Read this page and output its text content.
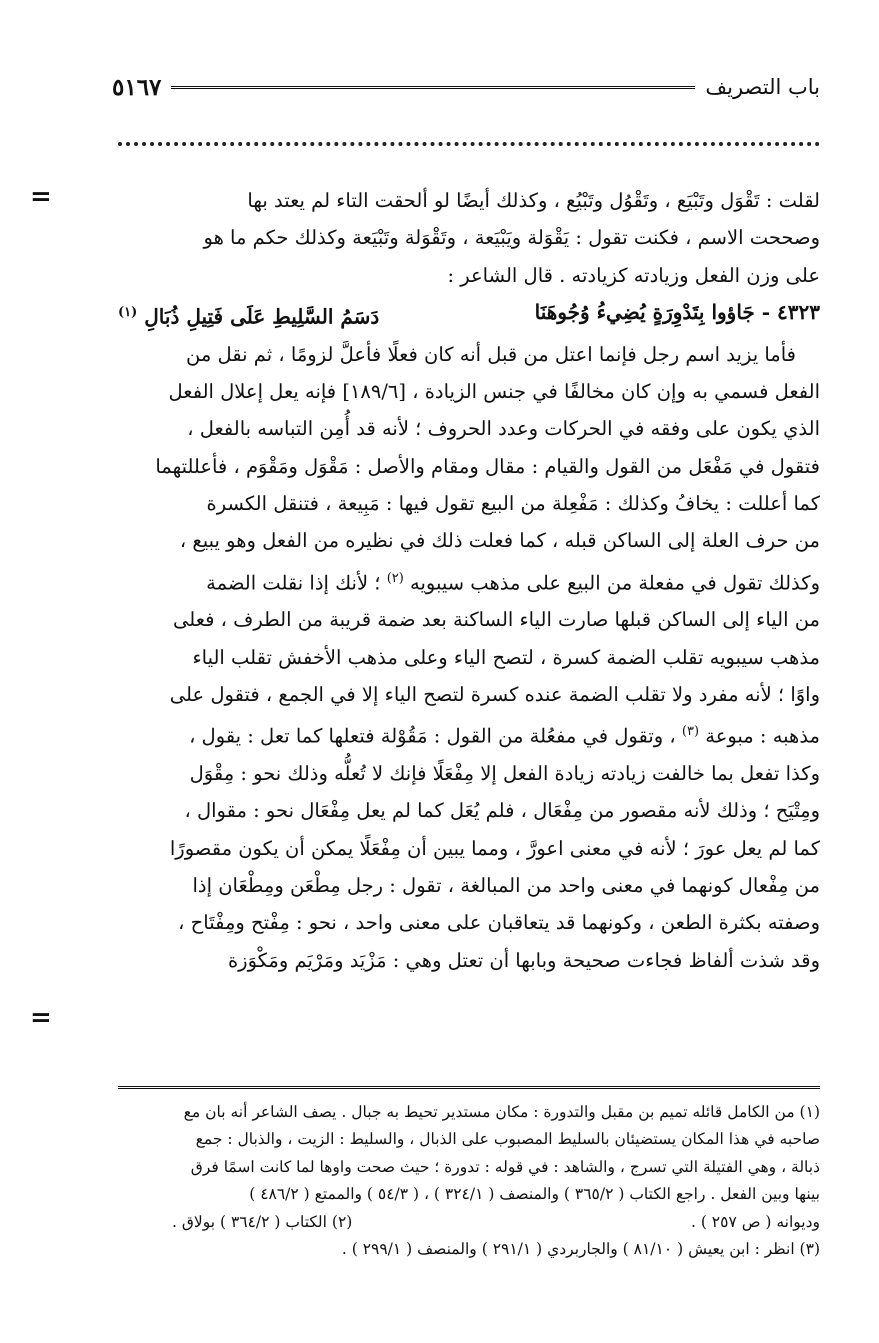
باب التصريف
٥١٦٧
=
=

لقلت : تَقْوَل وتَبْيَع ، وتَقْوُل وتَبْيُع ، وكذلك أيضًا لو ألحقت التاء لم يعتد بها

وصححت الاسم ، فكنت تقول : يَقْوَلة ويَبْيَعة ، وتَقْوَلة وتَبْيَعة وكذلك حكم ما هو

على وزن الفعل وزيادته كزيادته . قال الشاعر :

٤٣٢٣ - جَاؤوا بِتَدْوِرَةٍ يُضِيءُ وُجُوهَنَا
دَسَمُ السَّلِيطِ عَلَى فَتِيلِ ذُبَالِ $^{(١)}$

فأما يزيد اسم رجل فإنما اعتل من قبل أنه كان فعلًا فأعلَّ لزومًا ، ثم نقل من

الفعل فسمي به وإن كان مخالفًا في جنس الزيادة ، [١٨٩/٦] فإنه يعل إعلال الفعل

الذي يكون على وفقه في الحركات وعدد الحروف ؛ لأنه قد أُمِن التباسه بالفعل ،

فتقول في مَفْعَل من القول والقيام : مقال ومقام والأصل : مَقْوَل ومَقْوَم ، فأعللتهما

كما أعللت : يخافُ وكذلك : مَفْعِلة من البيع تقول فيها : مَبِيعة ، فتنقل الكسرة

من حرف العلة إلى الساكن قبله ، كما فعلت ذلك في نظيره من الفعل وهو يبيع ،

وكذلك تقول في مفعلة من البيع على مذهب سيبويه $^{(٢)}$ ؛ لأنك إذا نقلت الضمة

من الياء إلى الساكن قبلها صارت الياء الساكنة بعد ضمة قريبة من الطرف ، فعلى

مذهب سيبويه تقلب الضمة كسرة ، لتصح الياء وعلى مذهب الأخفش تقلب الياء

واوًا ؛ لأنه مفرد ولا تقلب الضمة عنده كسرة لتصح الياء إلا في الجمع ، فتقول على

مذهبه : مبوعة $^{(٣)}$ ، وتقول في مفعُلة من القول : مَقُوْلة فتعلها كما تعل : يقول ،

وكذا تفعل بما خالفت زيادته زيادة الفعل إلا مِفْعَلًا فإنك لا تُعلُّه وذلك نحو : مِقْوَل

ومِتْيَح ؛ وذلك لأنه مقصور من مِفْعَال ، فلم يُعَل كما لم يعل مِفْعَال نحو : مقوال ،

كما لم يعل عورَ ؛ لأنه في معنى اعورَّ ، ومما يبين أن مِفْعَلًا يمكن أن يكون مقصورًا

من مِفْعال كونهما في معنى واحد من المبالغة ، تقول : رجل مِطْعَن ومِطْعَان إذا

وصفته بكثرة الطعن ، وكونهما قد يتعاقبان على معنى واحد ، نحو : مِفْتح ومِفْتَاح ،

وقد شذت ألفاظ فجاءت صحيحة وبابها أن تعتل وهي : مَزْيَد ومَرْيَم ومَكْوَزة

(١) من الكامل قائله تميم بن مقبل والتدورة : مكان مستدير تحيط به جبال . يصف الشاعر أنه بان مع

صاحبه في هذا المكان يستضيئان بالسليط المصبوب على الذبال ، والسليط : الزيت ، والذبال : جمع

ذبالة ، وهي الفتيلة التي تسرج ، والشاهد : في قوله : تدورة ؛ حيث صحت واوها لما كانت اسمًا فرق

بينها وبين الفعل . راجع الكتاب ( ٣٦٥/٢ ) والمنصف ( ٣٢٤/١ ) ، ( ٥٤/٣ ) والممتع ( ٤٨٦/٢ )

وديوانه ( ص ٢٥٧ ) .
(٢) الكتاب ( ٣٦٤/٢ ) بولاق .

(٣) انظر : ابن يعيش ( ٨١/١٠ ) والجاربردي ( ٢٩١/١ ) والمنصف ( ٢٩٩/١ ) .
